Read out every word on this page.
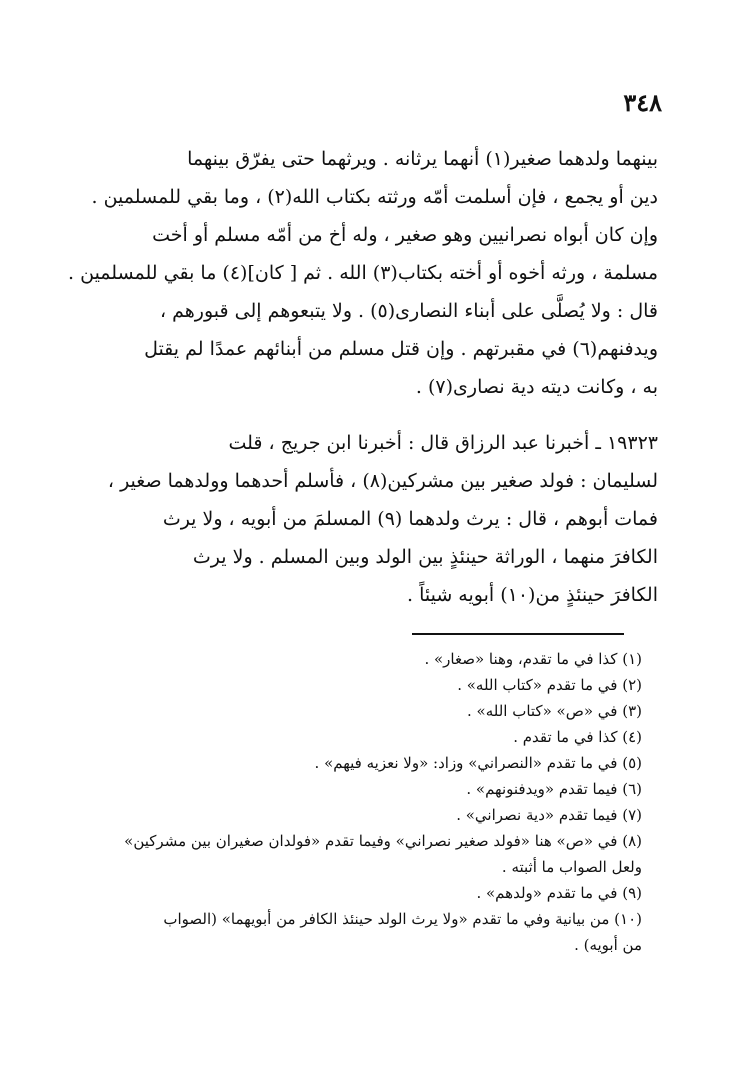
٣٤٨

بينهما ولدهما صغير(١) أنهما يرثانه . ويرثهما حتى يفرّق بينهما
دين أو يجمع ، فإن أسلمت أمّه ورثته بكتاب الله(٢) ، وما بقي للمسلمين .
وإن كان أبواه نصرانيين وهو صغير ، وله أخ من أمّه مسلم أو أخت
مسلمة ، ورثه أخوه أو أخته بكتاب(٣) الله . ثم [ كان](٤) ما بقي للمسلمين .
قال : ولا يُصلَّى على أبناء النصارى(٥) . ولا يتبعوهم إلى قبورهم ،
ويدفنهم(٦) في مقبرتهم . وإن قتل مسلم من أبنائهم عمدًا لم يقتل
به ، وكانت ديته دية نصارى(٧) .

١٩٣٢٣ ـ أخبرنا عبد الرزاق قال : أخبرنا ابن جريج ، قلت
لسليمان : فولد صغير بين مشركين(٨) ، فأسلم أحدهما وولدهما صغير ،
فمات أبوهم ، قال : يرث ولدهما (٩) المسلمَ من أبويه ، ولا يرث
الكافرَ منهما ، الوراثة حينئذٍ بين الولد وبين المسلم . ولا يرث
الكافرَ حينئذٍ من(١٠) أبويه شيئاً .

(١) كذا في ما تقدم، وهنا «صغار» .
(٢) في ما تقدم «كتاب الله» .
(٣) في «ص» «كتاب الله» .
(٤) كذا في ما تقدم .
(٥) في ما تقدم «النصراني» وزاد: «ولا نعزيه فيهم» .
(٦) فيما تقدم «ويدفنونهم» .
(٧) فيما تقدم «دية نصراني» .
(٨) في «ص» هنا «فولد صغير نصراني» وفيما تقدم «فولدان صغيران بين مشركين»
ولعل الصواب ما أثبته .
(٩) في ما تقدم «ولدهم» .
(١٠) من بيانية وفي ما تقدم «ولا يرث الولد حينئذ الكافر من أبويهما» (الصواب
من أبويه) .
